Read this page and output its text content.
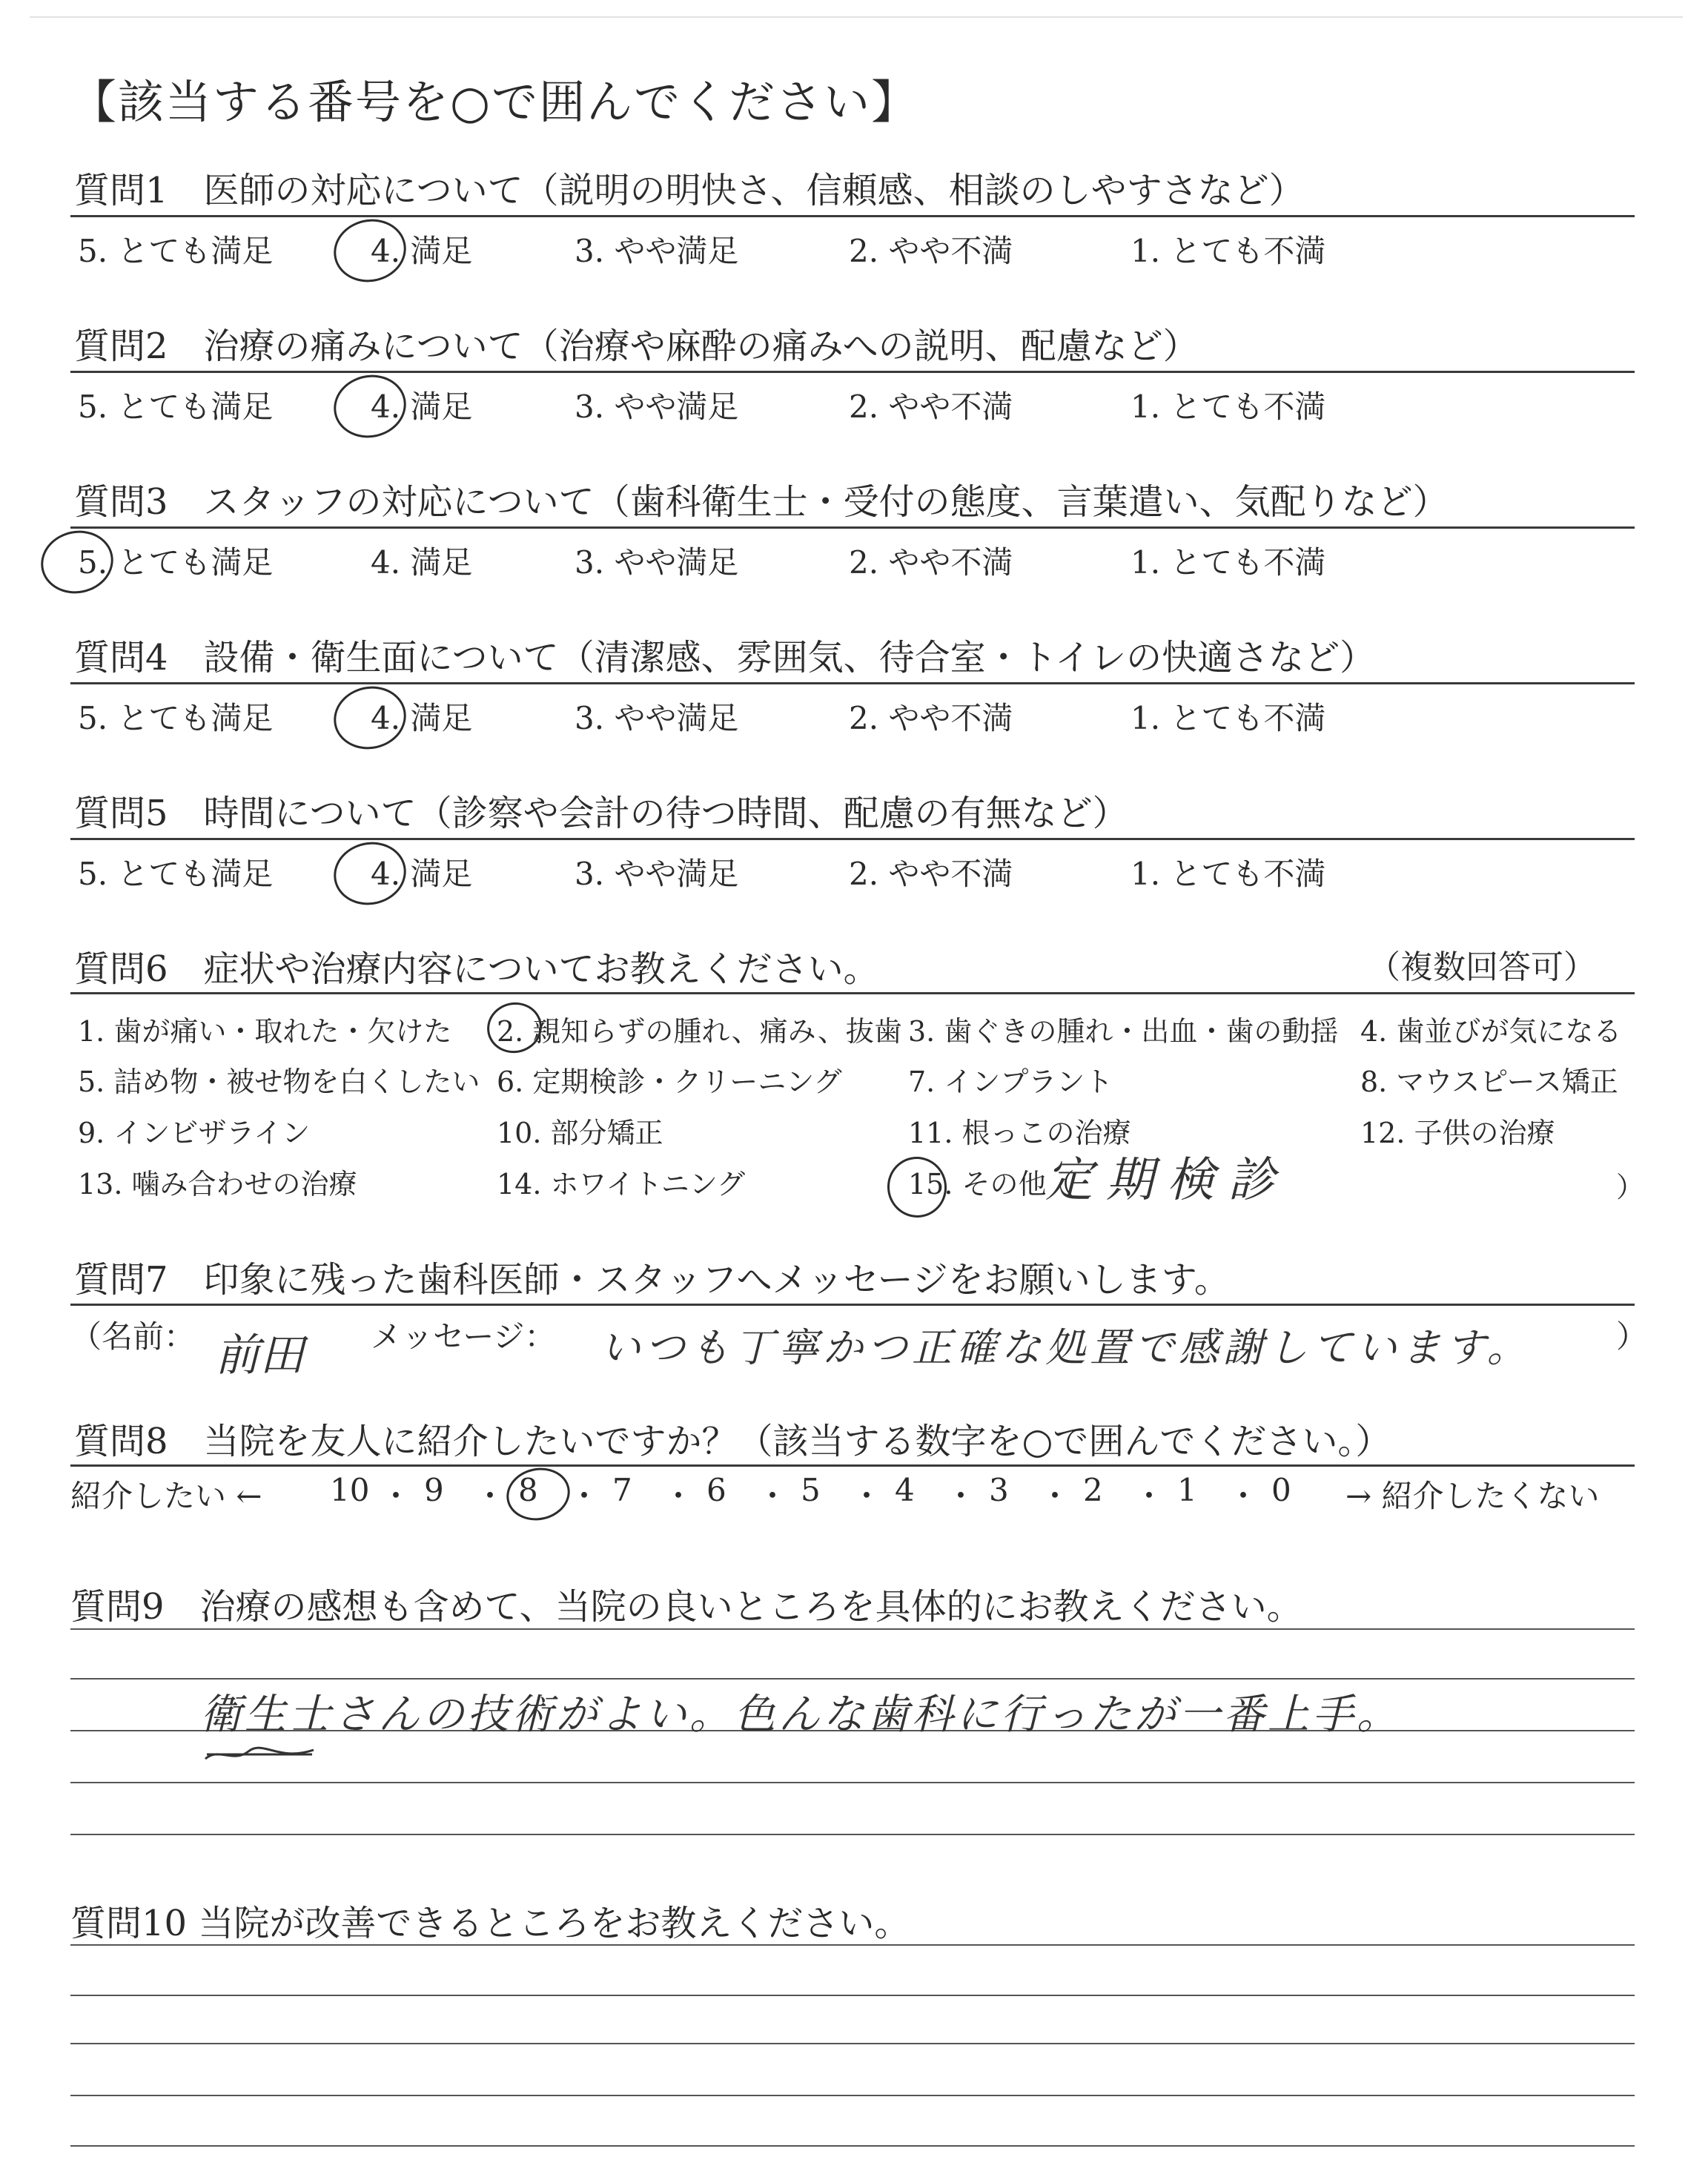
【該当する番号を○で囲んでください】
質問1　医師の対応について（説明の明快さ、信頼感、相談のしやすさなど）
5. とても満足	4. 満足	3. やや満足	2. やや不満	1. とても不満
質問2　治療の痛みについて（治療や麻酔の痛みへの説明、配慮など）
5. とても満足	4. 満足	3. やや満足	2. やや不満	1. とても不満
質問3　スタッフの対応について（歯科衛生士・受付の態度、言葉遣い、気配りなど）
5. とても満足	4. 満足	3. やや満足	2. やや不満	1. とても不満
質問4　設備・衛生面について（清潔感、雰囲気、待合室・トイレの快適さなど）
5. とても満足	4. 満足	3. やや満足	2. やや不満	1. とても不満
質問5　時間について（診察や会計の待つ時間、配慮の有無など）
5. とても満足	4. 満足	3. やや満足	2. やや不満	1. とても不満
質問6　症状や治療内容についてお教えください。	（複数回答可）
1. 歯が痛い・取れた・欠けた 2. 親知らずの腫れ、痛み、抜歯 3. 歯ぐきの腫れ・出血・歯の動揺 4. 歯並びが気になる
5. 詰め物・被せ物を白くしたい 6. 定期検診・クリーニング 7. インプラント	8. マウスピース矯正
9. インビザライン	10. 部分矯正	11. 根っこの治療	12. 子供の治療
13. 噛み合わせの治療	14. ホワイトニング	15. その他（
定期検診	）
質問7　印象に残った歯科医師・スタッフへメッセージをお願いします。
（名前： 前田 メッセージ： いつも丁寧かつ正確な処置で感謝しています。	）
質問8　当院を友人に紹介したいですか？（該当する数字を○で囲んでください。）
紹介したい ← 10 ・ 9 ・ 8 ・ 7 ・ 6 ・ 5 ・ 4 ・ 3 ・ 2 ・ 1 ・ 0 → 紹介したくない
質問9　治療の感想も含めて、当院の良いところを具体的にお教えください。
衛生士さんの技術がよい。色んな歯科に行ったが一番上手。
質問10 当院が改善できるところをお教えください。
